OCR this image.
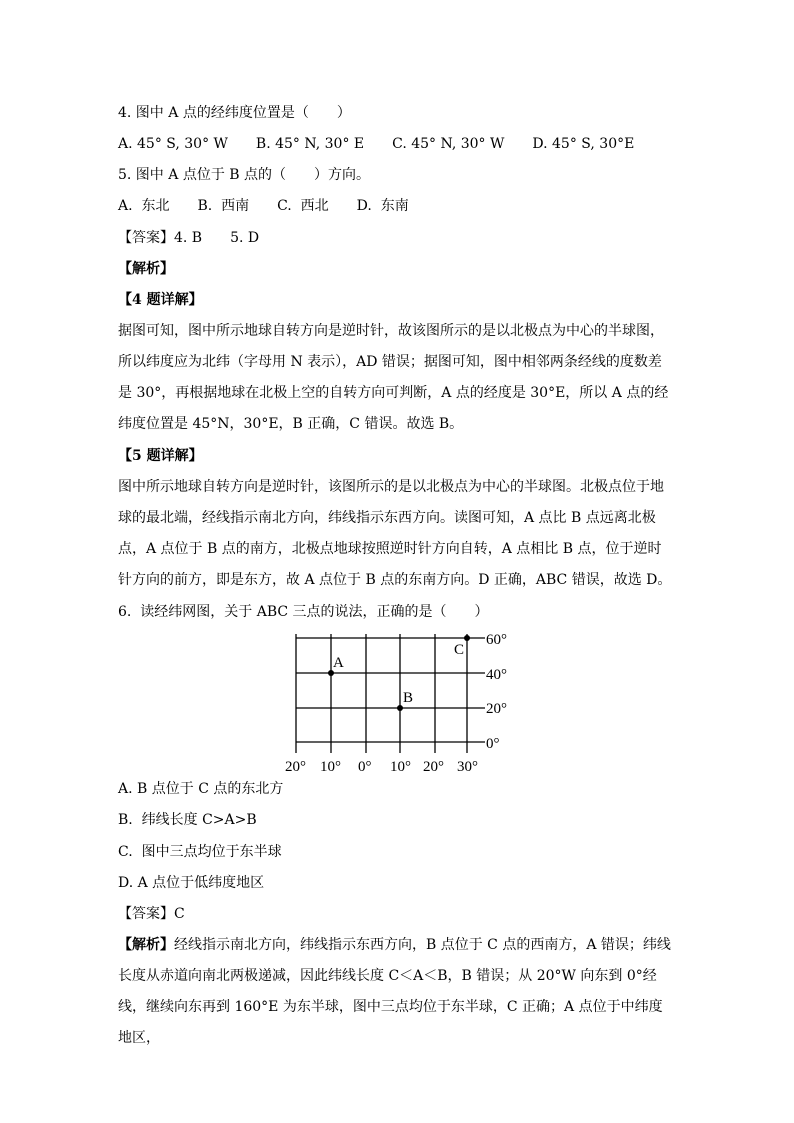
4. 图中 A 点的经纬度位置是（　　）
A. 45° S, 30° W　　B. 45° N, 30° E　　C. 45° N, 30° W　　D. 45° S, 30°E
5. 图中 A 点位于 B 点的（　　）方向。
A.  东北　　B.  西南　　C.  西北　　D.  东南
【答案】4. B　　5. D
【解析】
【4 题详解】
据图可知，图中所示地球自转方向是逆时针，故该图所示的是以北极点为中心的半球图，所以纬度应为北纬（字母用 N 表示），AD 错误；据图可知，图中相邻两条经线的度数差是 30°，再根据地球在北极上空的自转方向可判断，A 点的经度是 30°E，所以 A 点的经纬度位置是 45°N，30°E，B 正确，C 错误。故选 B。
【5 题详解】
图中所示地球自转方向是逆时针，该图所示的是以北极点为中心的半球图。北极点位于地球的最北端，经线指示南北方向，纬线指示东西方向。读图可知，A 点比 B 点远离北极点，A 点位于 B 点的南方，北极点地球按照逆时针方向自转，A 点相比 B 点，位于逆时针方向的前方，即是东方，故 A 点位于 B 点的东南方向。D 正确，ABC 错误，故选 D。
6.  读经纬网图，关于 ABC 三点的说法，正确的是（　　）
A
B
C
60°
40°
20°
0°
20° 10° 0° 10° 20° 30°
A. B 点位于 C 点的东北方
B.  纬线长度 C>A>B
C.  图中三点均位于东半球
D. A 点位于低纬度地区
【答案】C
【解析】经线指示南北方向，纬线指示东西方向，B 点位于 C 点的西南方，A 错误；纬线长度从赤道向南北两极递减，因此纬线长度 C＜A＜B，B 错误；从 20°W 向东到 0°经线，继续向东再到 160°E 为东半球，图中三点均位于东半球，C 正确；A 点位于中纬度地区，
